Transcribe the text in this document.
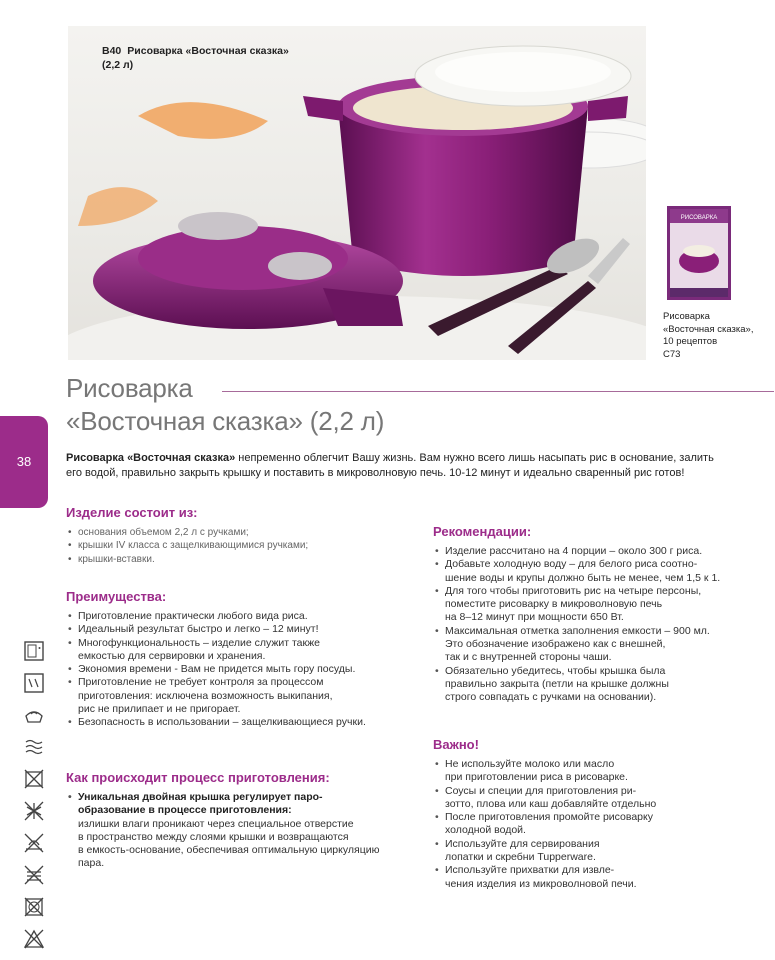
B40 Рисоварка «Восточная сказка»
(2,2 л)
РИСОВАРКА
Рисоварка
«Восточная сказка»,
10 рецептов
С73
Рисоварка
«Восточная сказка» (2,2 л)
38	Рисоварка «Восточная сказка» непременно облегчит Вашу жизнь. Вам нужно всего лишь насыпать рис в основание, залить
его водой, правильно закрыть крышку и поставить в микроволновую печь. 10-12 минут и идеально сваренный рис готов!
Изделие состоит из:
• основания объемом 2,2 л с ручками;
• крышки IV класса с защелкивающимися ручками;
• крышки-вставки.
Преимущества:
• Приготовление практически любого вида риса.
• Идеальный результат быстро и легко – 12 минут!
• Многофункциональность – изделие служит также
емкостью для сервировки и хранения.
• Экономия времени - Вам не придется мыть гору посуды.
• Приготовление не требует контроля за процессом
приготовления: исключена возможность выкипания,
рис не прилипает и не пригорает.
• Безопасность в использовании – защелкивающиеся ручки.
Как происходит процесс приготовления:
• Уникальная двойная крышка регулирует паро-
образование в процессе приготовления:
излишки влаги проникают через специальное отверстие
в пространство между слоями крышки и возвращаются
в емкость-основание, обеспечивая оптимальную циркуляцию
пара.
Рекомендации:
• Изделие рассчитано на 4 порции – около 300 г риса.
• Добавьте холодную воду – для белого риса соотно-
шение воды и крупы должно быть не менее, чем 1,5 к 1.
• Для того чтобы приготовить рис на четыре персоны,
поместите рисоварку в микроволновую печь
на 8–12 минут при мощности 650 Вт.
• Максимальная отметка заполнения емкости – 900 мл.
Это обозначение изображено как с внешней,
так и с внутренней стороны чаши.
• Обязательно убедитесь, чтобы крышка была
правильно закрыта (петли на крышке должны
строго совпадать с ручками на основании).
Важно!
• Не используйте молоко или масло
при приготовлении риса в рисоварке.
• Соусы и специи для приготовления ри-
зотто, плова или каш добавляйте отдельно
• После приготовления промойте рисоварку
холодной водой.
• Используйте для сервирования
лопатки и скребни Tupperware.
• Используйте прихватки для извле-
чения изделия из микроволновой печи.
